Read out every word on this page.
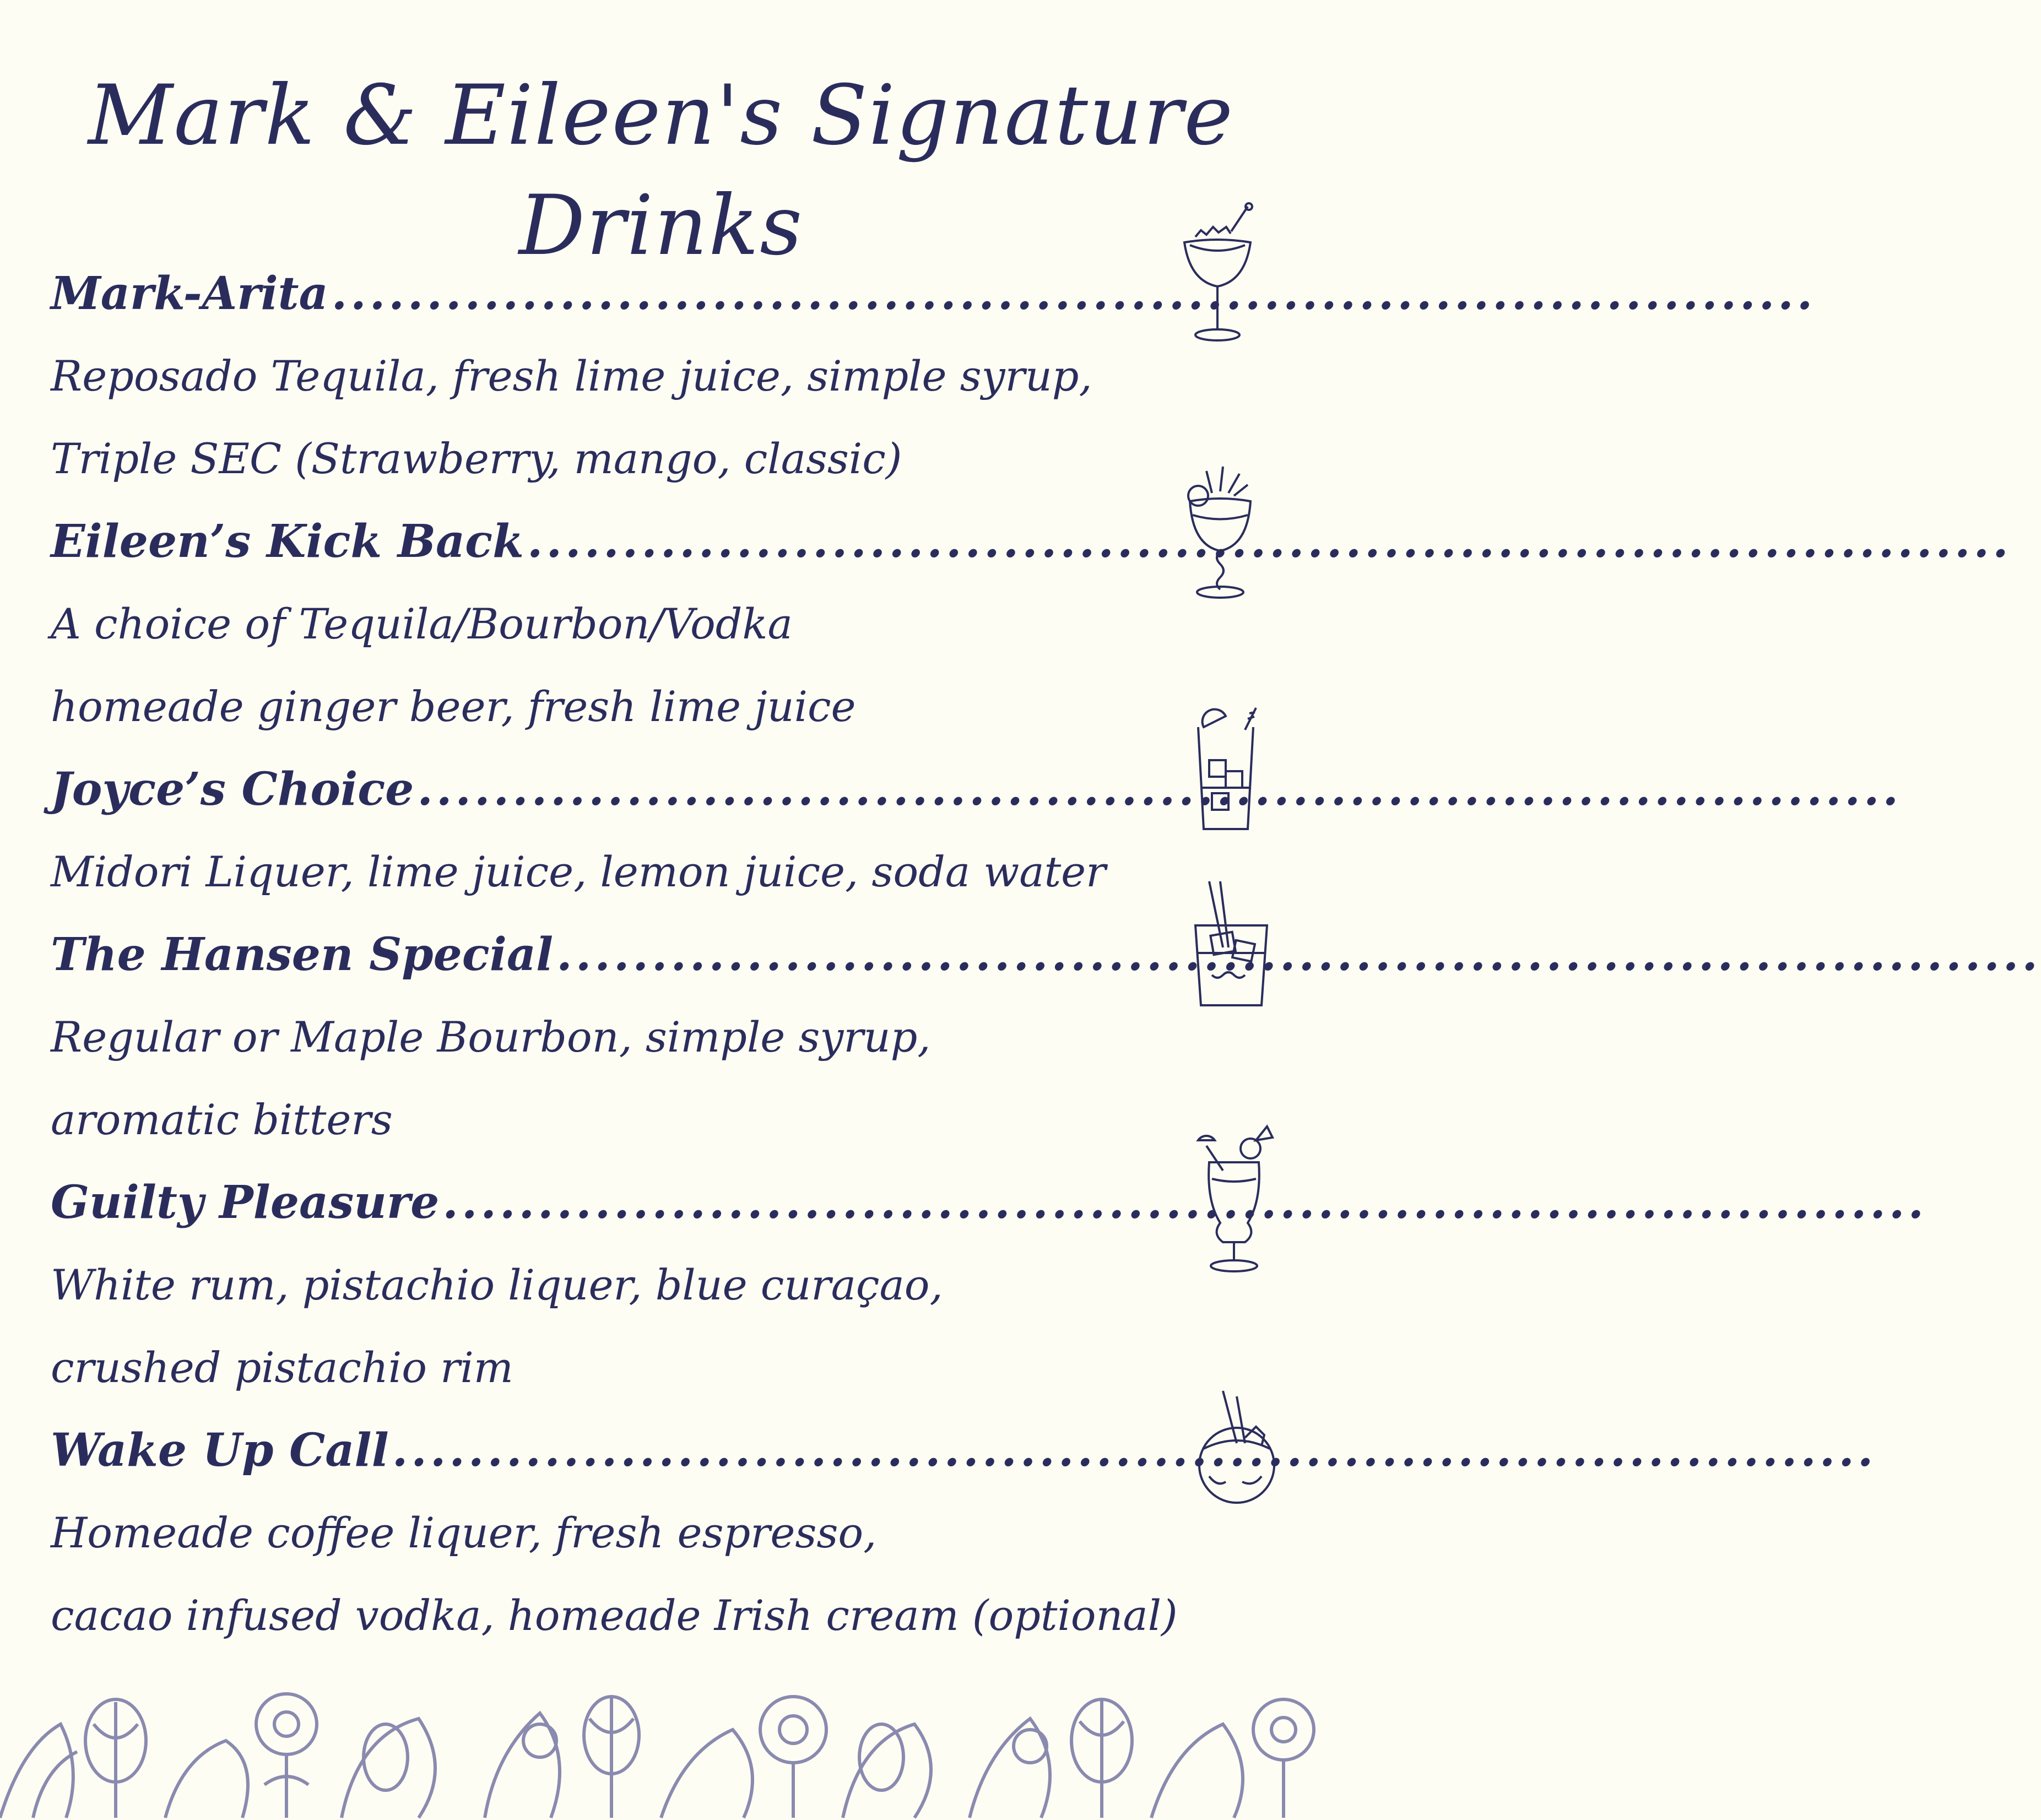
Mark & Eileen's Signature Drinks
Mark-Arita ..............................................................................
Reposado Tequila, fresh lime juice, simple syrup,
Triple SEC (Strawberry, mango, classic)
Eileen’s Kick Back ..............................................................................
A choice of Tequila/Bourbon/Vodka
homeade ginger beer, fresh lime juice
Joyce’s Choice ..............................................................................
Midori Liquer, lime juice, lemon juice, soda water
The Hansen Special ..............................................................................
Regular or Maple Bourbon, simple syrup,
aromatic bitters
Guilty Pleasure ..............................................................................
White rum, pistachio liquer, blue curaçao,
crushed pistachio rim
Wake Up Call ..............................................................................
Homeade coffee liquer, fresh espresso,
cacao infused vodka, homeade Irish cream (optional)
